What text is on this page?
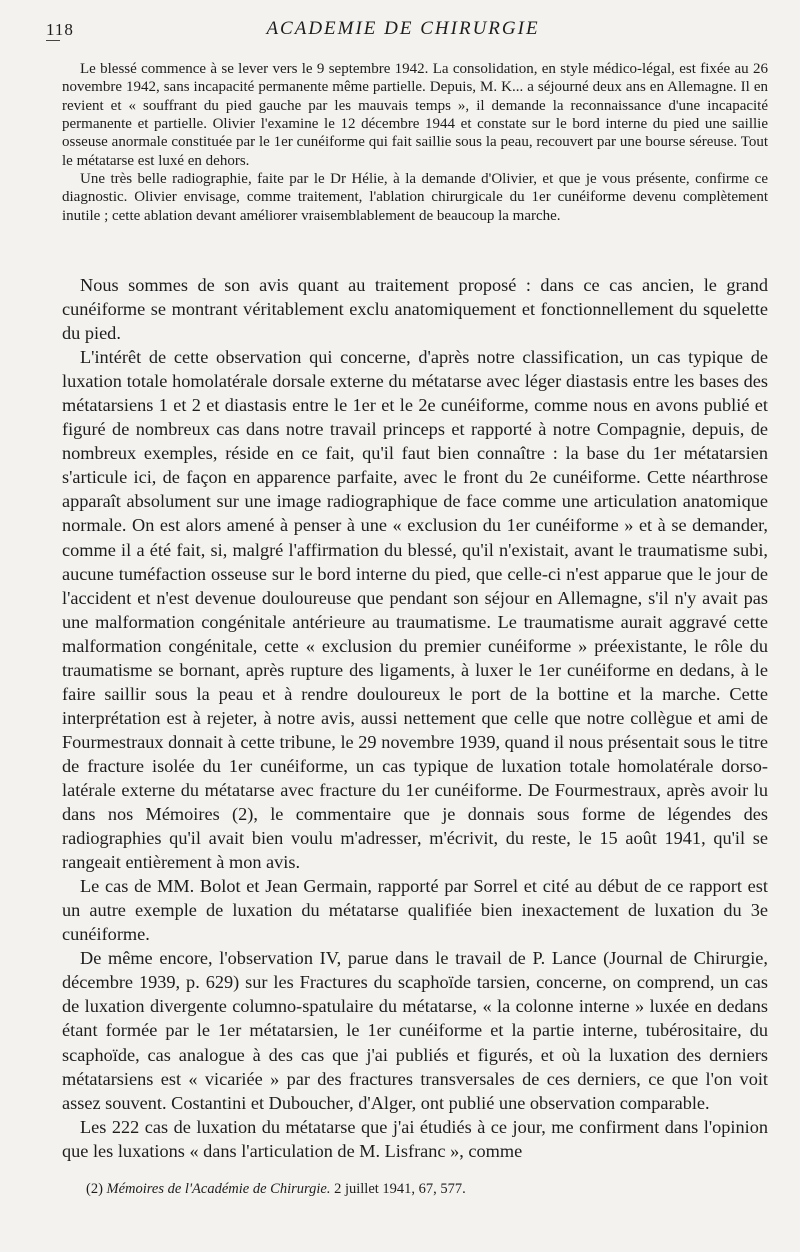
118	ACADEMIE DE CHIRURGIE

Le blessé commence à se lever vers le 9 septembre 1942. La consolidation, en style médico-légal, est fixée au 26 novembre 1942, sans incapacité permanente même partielle. Depuis, M. K... a séjourné deux ans en Allemagne. Il en revient et « souffrant du pied gauche par les mauvais temps », il demande la reconnaissance d'une incapacité permanente et partielle. Olivier l'examine le 12 décembre 1944 et constate sur le bord interne du pied une saillie osseuse anormale constituée par le 1er cunéiforme qui fait saillie sous la peau, recouvert par une bourse séreuse. Tout le métatarse est luxé en dehors.

Une très belle radiographie, faite par le Dr Hélie, à la demande d'Olivier, et que je vous présente, confirme ce diagnostic. Olivier envisage, comme traitement, l'ablation chirurgicale du 1er cunéiforme devenu complètement inutile ; cette ablation devant améliorer vraisemblablement de beaucoup la marche.

Nous sommes de son avis quant au traitement proposé : dans ce cas ancien, le grand cunéiforme se montrant véritablement exclu anatomiquement et fonctionnellement du squelette du pied.

L'intérêt de cette observation qui concerne, d'après notre classification, un cas typique de luxation totale homolatérale dorsale externe du métatarse avec léger diastasis entre les bases des métatarsiens 1 et 2 et diastasis entre le 1er et le 2e cunéiforme, comme nous en avons publié et figuré de nombreux cas dans notre travail princeps et rapporté à notre Compagnie, depuis, de nombreux exemples, réside en ce fait, qu'il faut bien connaître : la base du 1er métatarsien s'articule ici, de façon en apparence parfaite, avec le front du 2e cunéiforme. Cette néarthrose apparaît absolument sur une image radiographique de face comme une articulation anatomique normale. On est alors amené à penser à une « exclusion du 1er cunéiforme » et à se demander, comme il a été fait, si, malgré l'affirmation du blessé, qu'il n'existait, avant le traumatisme subi, aucune tuméfaction osseuse sur le bord interne du pied, que celle-ci n'est apparue que le jour de l'accident et n'est devenue douloureuse que pendant son séjour en Allemagne, s'il n'y avait pas une malformation congénitale antérieure au traumatisme. Le traumatisme aurait aggravé cette malformation congénitale, cette « exclusion du premier cunéiforme » préexistante, le rôle du traumatisme se bornant, après rupture des ligaments, à luxer le 1er cunéiforme en dedans, à le faire saillir sous la peau et à rendre douloureux le port de la bottine et la marche. Cette interprétation est à rejeter, à notre avis, aussi nettement que celle que notre collègue et ami de Fourmestraux donnait à cette tribune, le 29 novembre 1939, quand il nous présentait sous le titre de fracture isolée du 1er cunéiforme, un cas typique de luxation totale homolatérale dorso-latérale externe du métatarse avec fracture du 1er cunéiforme. De Fourmestraux, après avoir lu dans nos Mémoires (2), le commentaire que je donnais sous forme de légendes des radiographies qu'il avait bien voulu m'adresser, m'écrivit, du reste, le 15 août 1941, qu'il se rangeait entièrement à mon avis.

Le cas de MM. Bolot et Jean Germain, rapporté par Sorrel et cité au début de ce rapport est un autre exemple de luxation du métatarse qualifiée bien inexactement de luxation du 3e cunéiforme.

De même encore, l'observation IV, parue dans le travail de P. Lance (Journal de Chirurgie, décembre 1939, p. 629) sur les Fractures du scaphoïde tarsien, concerne, on comprend, un cas de luxation divergente columno-spatulaire du métatarse, « la colonne interne » luxée en dedans étant formée par le 1er métatarsien, le 1er cunéiforme et la partie interne, tubérositaire, du scaphoïde, cas analogue à des cas que j'ai publiés et figurés, et où la luxation des derniers métatarsiens est « vicariée » par des fractures transversales de ces derniers, ce que l'on voit assez souvent. Costantini et Duboucher, d'Alger, ont publié une observation comparable.

Les 222 cas de luxation du métatarse que j'ai étudiés à ce jour, me confirment dans l'opinion que les luxations « dans l'articulation de M. Lisfranc », comme

(2) Mémoires de l'Académie de Chirurgie. 2 juillet 1941, 67, 577.
